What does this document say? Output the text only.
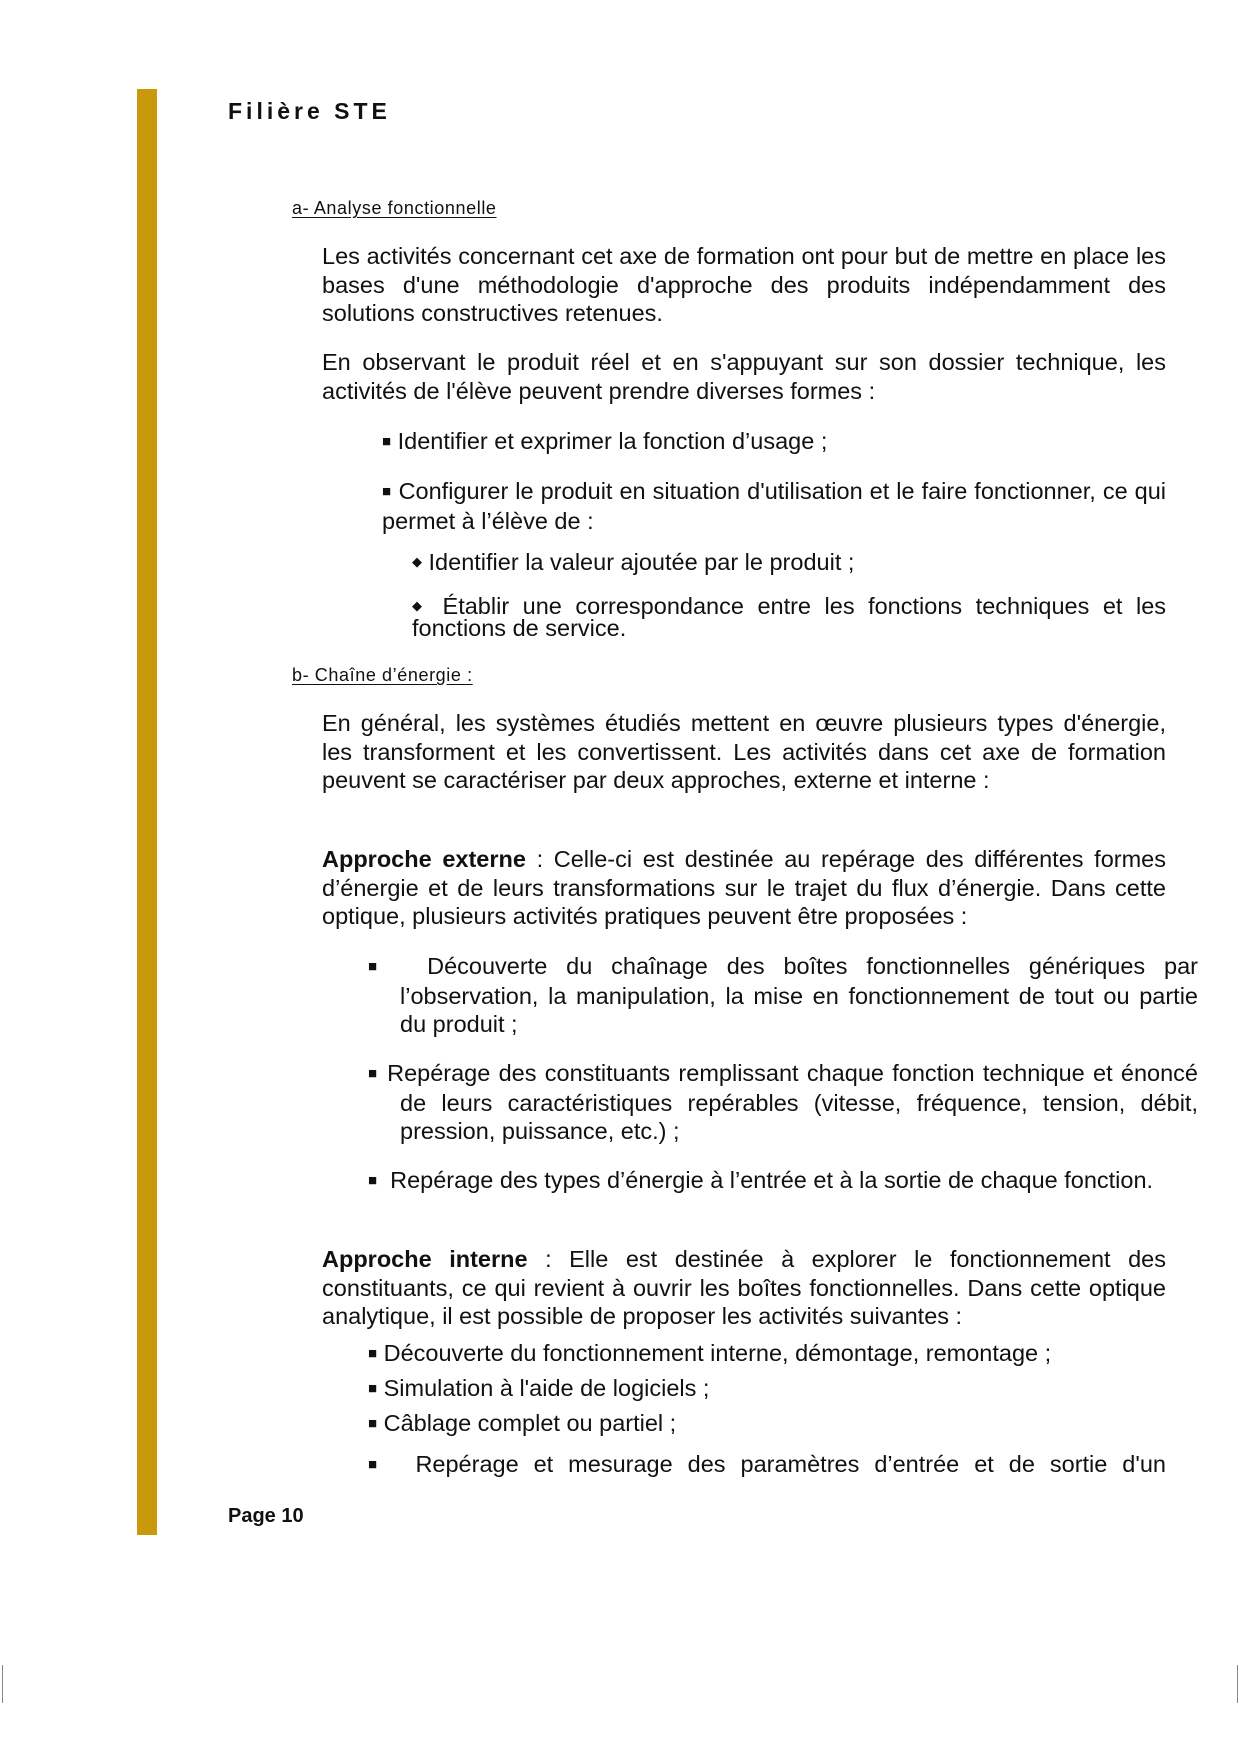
Filière STE
a- Analyse fonctionnelle
Les activités concernant cet axe de formation ont pour but de mettre en place les bases d'une méthodologie d'approche des produits indépendamment des solutions constructives retenues.
En observant le produit réel et en s'appuyant sur son dossier technique, les activités de l'élève peuvent prendre diverses formes :
■ Identifier et exprimer la fonction d’usage ;
■ Configurer le produit en situation d'utilisation et le faire fonctionner, ce qui permet à l’élève de :
◆ Identifier la valeur ajoutée par le produit ;
◆ Établir une correspondance entre les fonctions techniques et les fonctions de service.
b- Chaîne d’énergie :
En général, les systèmes étudiés mettent en œuvre plusieurs types d'énergie, les transforment et les convertissent. Les activités dans cet axe de formation peuvent se caractériser par deux approches, externe et interne :
Approche externe : Celle-ci est destinée au repérage des différentes formes d’énergie et de leurs transformations sur le trajet du flux d’énergie. Dans cette optique, plusieurs activités pratiques peuvent être proposées :
■ Découverte du chaînage des boîtes fonctionnelles génériques par l’observation, la manipulation, la mise en fonctionnement de tout ou partie du produit ;
■ Repérage des constituants remplissant chaque fonction technique et énoncé de leurs caractéristiques repérables (vitesse, fréquence, tension, débit, pression, puissance, etc.) ;
■ Repérage des types d’énergie à l’entrée et à la sortie de chaque fonction.
Approche interne : Elle est destinée à explorer le fonctionnement des constituants, ce qui revient à ouvrir les boîtes fonctionnelles. Dans cette optique analytique, il est possible de proposer les activités suivantes :
■ Découverte du fonctionnement interne, démontage, remontage ;
■ Simulation à l'aide de logiciels ;
■ Câblage complet ou partiel ;
■ Repérage et mesurage des paramètres d’entrée et de sortie d'un
Page 10
